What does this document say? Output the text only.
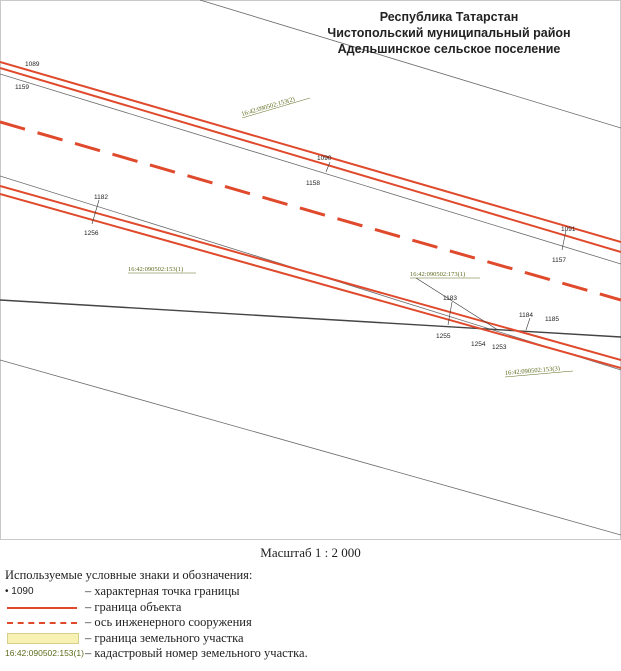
1089
1159
1090
1158
1091
1157
1182
1256
1183
1255
1254 1253
1184
1185
16:42:090502:153(2)
16:42:090502:153(1)
16:42:090502:173(1)
16:42:090502:153(3)
Республика Татарстан
Чистопольский муниципальный район
Адельшинское сельское поселение
Масштаб 1 : 2 000
Используемые условные знаки и обозначения:
• 1090	– характерная точка границы
– граница объекта
– ось инженерного сооружения
– граница земельного участка
16:42:090502:153(1) – кадастровый номер земельного участка.
